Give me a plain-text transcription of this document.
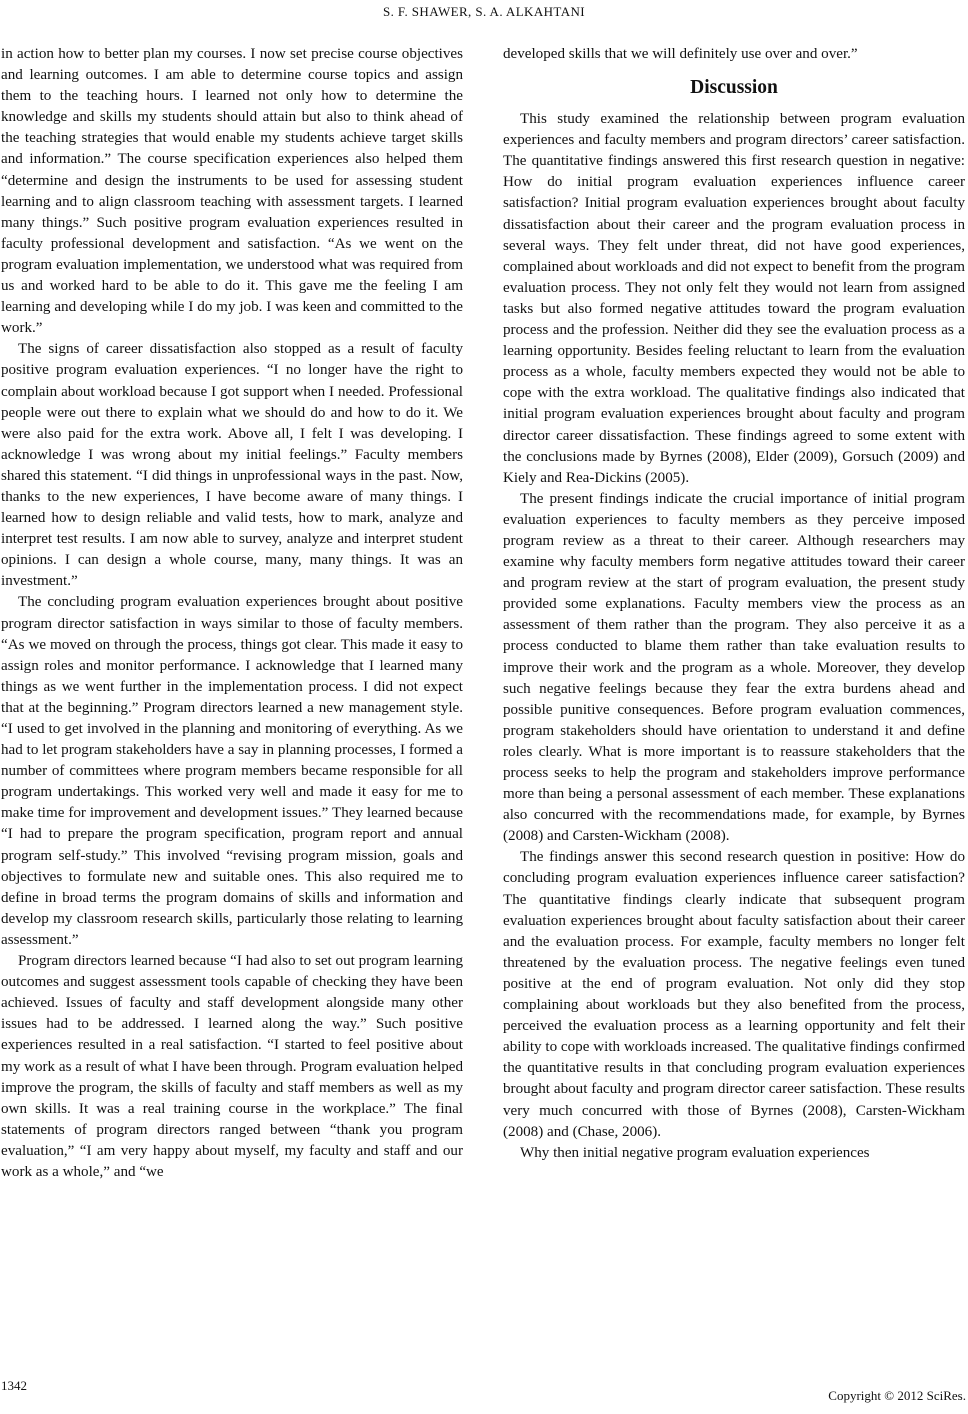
S. F. SHAWER, S. A. ALKAHTANI

in action how to better plan my courses. I now set precise course objectives and learning outcomes. I am able to determine course topics and assign them to the teaching hours. I learned not only how to determine the knowledge and skills my students should attain but also to think ahead of the teaching strategies that would enable my students achieve target skills and information.” The course specification experiences also helped them “determine and design the instruments to be used for assessing student learning and to align classroom teaching with assessment targets. I learned many things.” Such positive program evaluation experiences resulted in faculty professional development and satisfaction. “As we went on the program evaluation implementation, we understood what was required from us and worked hard to be able to do it. This gave me the feeling I am learning and developing while I do my job. I was keen and committed to the work.”

The signs of career dissatisfaction also stopped as a result of faculty positive program evaluation experiences. “I no longer have the right to complain about workload because I got support when I needed. Professional people were out there to explain what we should do and how to do it. We were also paid for the extra work. Above all, I felt I was developing. I acknowledge I was wrong about my initial feelings.” Faculty members shared this statement. “I did things in unprofessional ways in the past. Now, thanks to the new experiences, I have become aware of many things. I learned how to design reliable and valid tests, how to mark, analyze and interpret test results. I am now able to survey, analyze and interpret student opinions. I can design a whole course, many, many things. It was an investment.”

The concluding program evaluation experiences brought about positive program director satisfaction in ways similar to those of faculty members. “As we moved on through the process, things got clear. This made it easy to assign roles and monitor performance. I acknowledge that I learned many things as we went further in the implementation process. I did not expect that at the beginning.” Program directors learned a new management style. “I used to get involved in the planning and monitoring of everything. As we had to let program stakeholders have a say in planning processes, I formed a number of committees where program members became responsible for all program undertakings. This worked very well and made it easy for me to make time for improvement and development issues.” They learned because “I had to prepare the program specification, program report and annual program self-study.” This involved “revising program mission, goals and objectives to formulate new and suitable ones. This also required me to define in broad terms the program domains of skills and information and develop my classroom research skills, particularly those relating to learning assessment.”

Program directors learned because “I had also to set out program learning outcomes and suggest assessment tools capable of checking they have been achieved. Issues of faculty and staff development alongside many other issues had to be addressed. I learned along the way.” Such positive experiences resulted in a real satisfaction. “I started to feel positive about my work as a result of what I have been through. Program evaluation helped improve the program, the skills of faculty and staff members as well as my own skills. It was a real training course in the workplace.” The final statements of program directors ranged between “thank you program evaluation,” “I am very happy about myself, my faculty and staff and our work as a whole,” and “we

developed skills that we will definitely use over and over.”

Discussion

This study examined the relationship between program evaluation experiences and faculty members and program directors’ career satisfaction. The quantitative findings answered this first research question in negative: How do initial program evaluation experiences influence career satisfaction? Initial program evaluation experiences brought about faculty dissatisfaction about their career and the program evaluation process in several ways. They felt under threat, did not have good experiences, complained about workloads and did not expect to benefit from the program evaluation process. They not only felt they would not learn from assigned tasks but also formed negative attitudes toward the program evaluation process and the profession. Neither did they see the evaluation process as a learning opportunity. Besides feeling reluctant to learn from the evaluation process as a whole, faculty members expected they would not be able to cope with the extra workload. The qualitative findings also indicated that initial program evaluation experiences brought about faculty and program director career dissatisfaction. These findings agreed to some extent with the conclusions made by Byrnes (2008), Elder (2009), Gorsuch (2009) and Kiely and Rea-Dickins (2005).

The present findings indicate the crucial importance of initial program evaluation experiences to faculty members as they perceive imposed program review as a threat to their career. Although researchers may examine why faculty members form negative attitudes toward their career and program review at the start of program evaluation, the present study provided some explanations. Faculty members view the process as an assessment of them rather than the program. They also perceive it as a process conducted to blame them rather than take evaluation results to improve their work and the program as a whole. Moreover, they develop such negative feelings because they fear the extra burdens ahead and possible punitive consequences. Before program evaluation commences, program stakeholders should have orientation to understand it and define roles clearly. What is more important is to reassure stakeholders that the process seeks to help the program and stakeholders improve performance more than being a personal assessment of each member. These explanations also concurred with the recommendations made, for example, by Byrnes (2008) and Carsten-Wickham (2008).

The findings answer this second research question in positive: How do concluding program evaluation experiences influence career satisfaction? The quantitative findings clearly indicate that subsequent program evaluation experiences brought about faculty satisfaction about their career and the evaluation process. For example, faculty members no longer felt threatened by the evaluation process. The negative feelings even tuned positive at the end of program evaluation. Not only did they stop complaining about workloads but they also benefited from the process, perceived the evaluation process as a learning opportunity and felt their ability to cope with workloads increased. The qualitative findings confirmed the quantitative results in that concluding program evaluation experiences brought about faculty and program director career satisfaction. These results very much concurred with those of Byrnes (2008), Carsten-Wickham (2008) and (Chase, 2006).

Why then initial negative program evaluation experiences

1342
Copyright © 2012 SciRes.
